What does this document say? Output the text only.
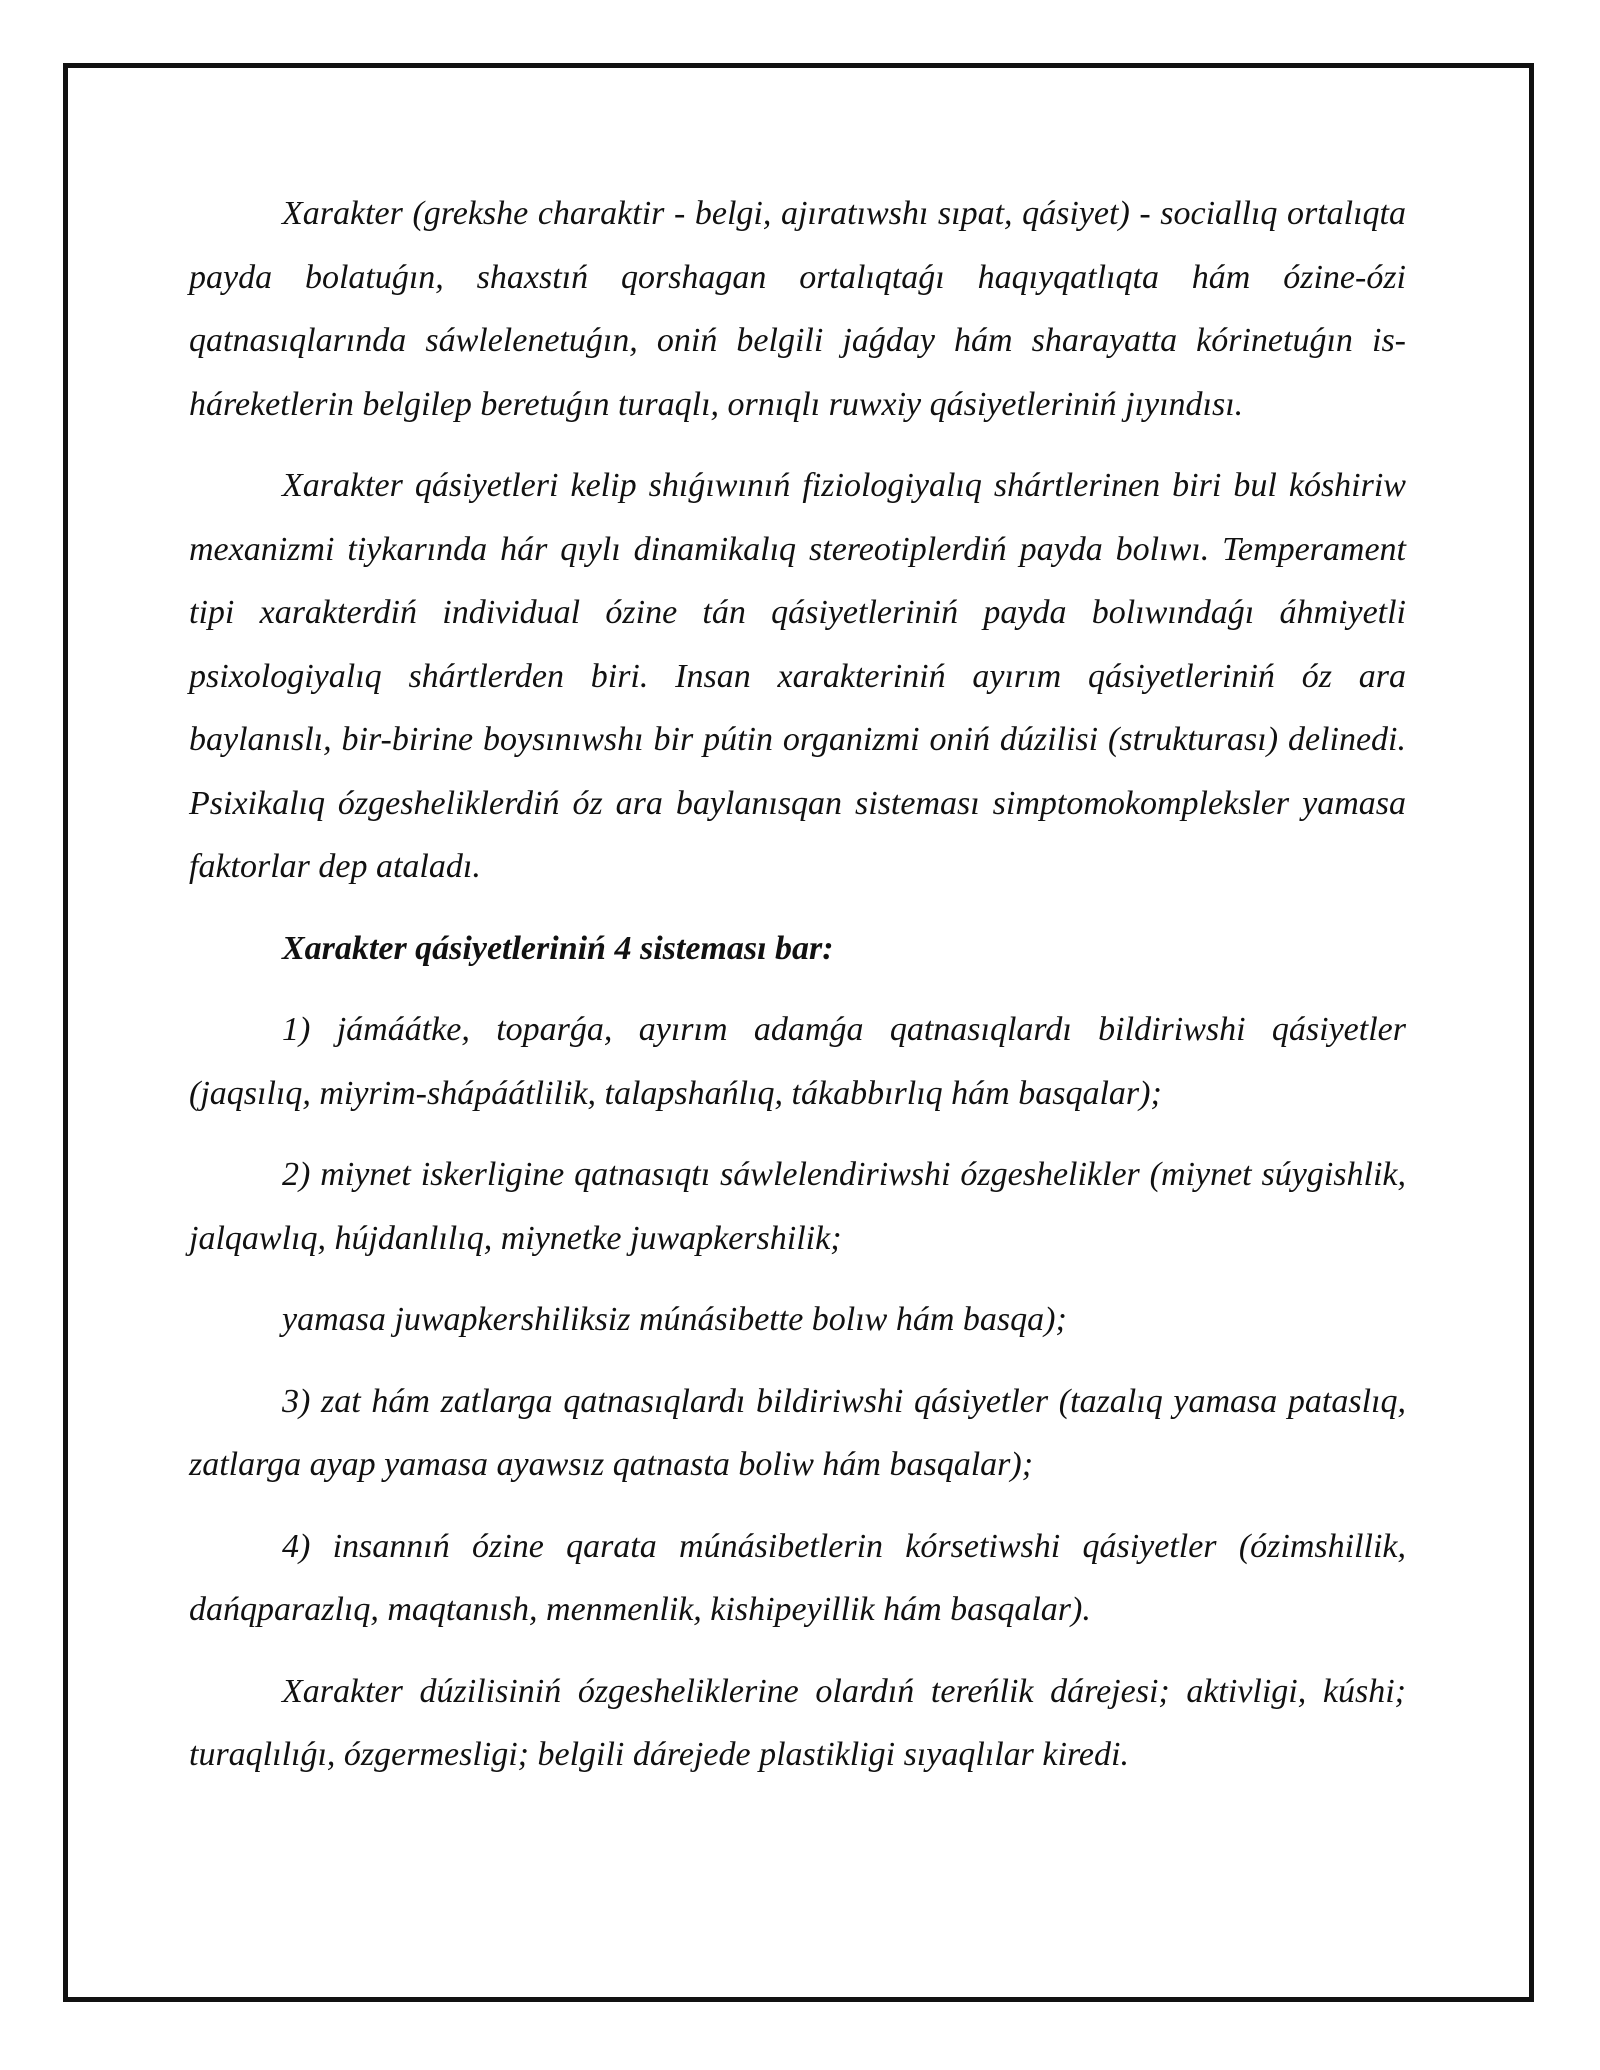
Xarakter (grekshe charaktir - belgi, ajıratıwshı sıpat, qásiyet) - sociallıq ortalıqta payda bolatuǵın, shaxstıń qorshagan ortalıqtaǵı haqıyqatlıqta hám ózine-ózi qatnasıqlarında sáwlelenetuǵın, oniń belgili jaǵday hám sharayatta kórinetuǵın is-háreketlerin belgilep beretuǵın turaqlı, ornıqlı ruwxiy qásiyetleriniń jıyındısı.

Xarakter qásiyetleri kelip shıǵıwınıń fiziologiyalıq shártlerinen biri bul kóshiriw mexanizmi tiykarında hár qıylı dinamikalıq stereotiplerdiń payda bolıwı. Temperament tipi xarakterdiń individual ózine tán qásiyetleriniń payda bolıwındaǵı áhmiyetli psixologiyalıq shártlerden biri. Insan xarakteriniń ayırım qásiyetleriniń óz ara baylanıslı, bir-birine boysınıwshı bir pútin organizmi oniń dúzilisi (strukturası) delinedi. Psixikalıq ózgesheliklerdiń óz ara baylanısqan sisteması simptomokompleksler yamasa faktorlar dep ataladı.

Xarakter qásiyetleriniń 4 sisteması bar:

1) jámáátke, toparǵa, ayırım adamǵa qatnasıqlardı bildiriwshi qásiyetler (jaqsılıq, miyrim-shápáátlilik, talapshańlıq, tákabbırlıq hám basqalar);

2) miynet iskerligine qatnasıqtı sáwlelendiriwshi ózgeshelikler (miynet súygishlik, jalqawlıq, hújdanlılıq, miynetke juwapkershilik;

yamasa juwapkershiliksiz múnásibette bolıw hám basqa);

3) zat hám zatlarga qatnasıqlardı bildiriwshi qásiyetler (tazalıq yamasa pataslıq, zatlarga ayap yamasa ayawsız qatnasta boliw hám basqalar);

4) insannıń ózine qarata múnásibetlerin kórsetiwshi qásiyetler (ózimshillik, dańqparazlıq, maqtanısh, menmenlik, kishipeyillik hám basqalar).

Xarakter dúzilisiniń ózgesheliklerine olardıń tereńlik dárejesi; aktivligi, kúshi; turaqlılıǵı, ózgermesligi; belgili dárejede plastikligi sıyaqlılar kiredi.
